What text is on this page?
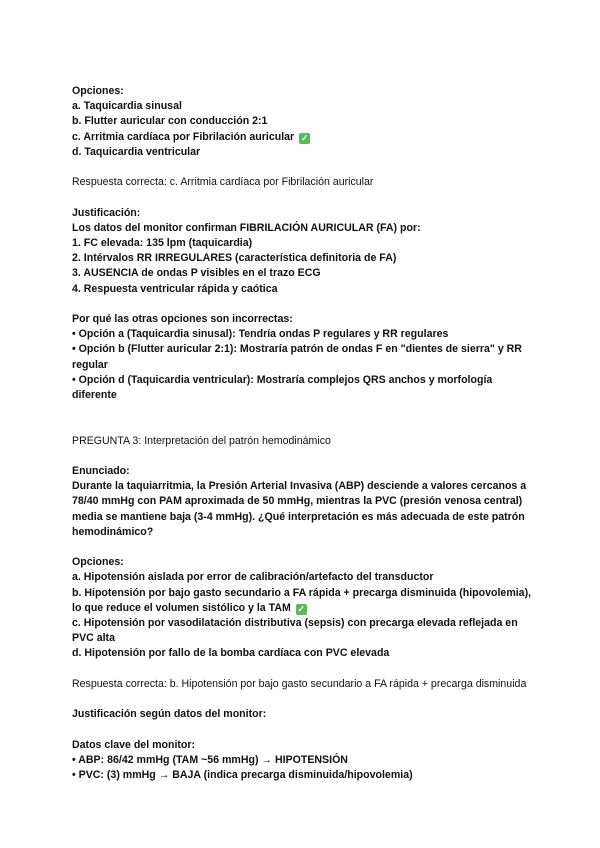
Opciones:
a. Taquicardia sinusal
b. Flutter auricular con conducción 2:1
c. Arritmia cardíaca por Fibrilación auricular ✓
d. Taquicardia ventricular
Respuesta correcta: c. Arritmia cardíaca por Fibrilación auricular
Justificación:
Los datos del monitor confirman FIBRILACIÓN AURICULAR (FA) por:
1. FC elevada: 135 lpm (taquicardia)
2. Intérvalos RR IRREGULARES (característica definitoria de FA)
3. AUSENCIA de ondas P visibles en el trazo ECG
4. Respuesta ventricular rápida y caótica
Por qué las otras opciones son incorrectas:
• Opción a (Taquicardia sinusal): Tendría ondas P regulares y RR regulares
• Opción b (Flutter auricular 2:1): Mostraría patrón de ondas F en "dientes de sierra" y RR regular
• Opción d (Taquicardia ventricular): Mostraría complejos QRS anchos y morfología diferente
PREGUNTA 3: Interpretación del patrón hemodinámico
Enunciado:
Durante la taquiarritmia, la Presión Arterial Invasiva (ABP) desciende a valores cercanos a 78/40 mmHg con PAM aproximada de 50 mmHg, mientras la PVC (presión venosa central) media se mantiene baja (3-4 mmHg). ¿Qué interpretación es más adecuada de este patrón hemodinámico?
Opciones:
a. Hipotensión aislada por error de calibración/artefacto del transductor
b. Hipotensión por bajo gasto secundario a FA rápida + precarga disminuida (hipovolemia), lo que reduce el volumen sistólico y la TAM ✓
c. Hipotensión por vasodilatación distributiva (sepsis) con precarga elevada reflejada en PVC alta
d. Hipotensión por fallo de la bomba cardíaca con PVC elevada
Respuesta correcta: b. Hipotensión por bajo gasto secundario a FA rápida + precarga disminuida
Justificación según datos del monitor:
Datos clave del monitor:
• ABP: 86/42 mmHg (TAM ~56 mmHg) → HIPOTENSIÓN
• PVC: (3) mmHg → BAJA (indica precarga disminuida/hipovolemia)
